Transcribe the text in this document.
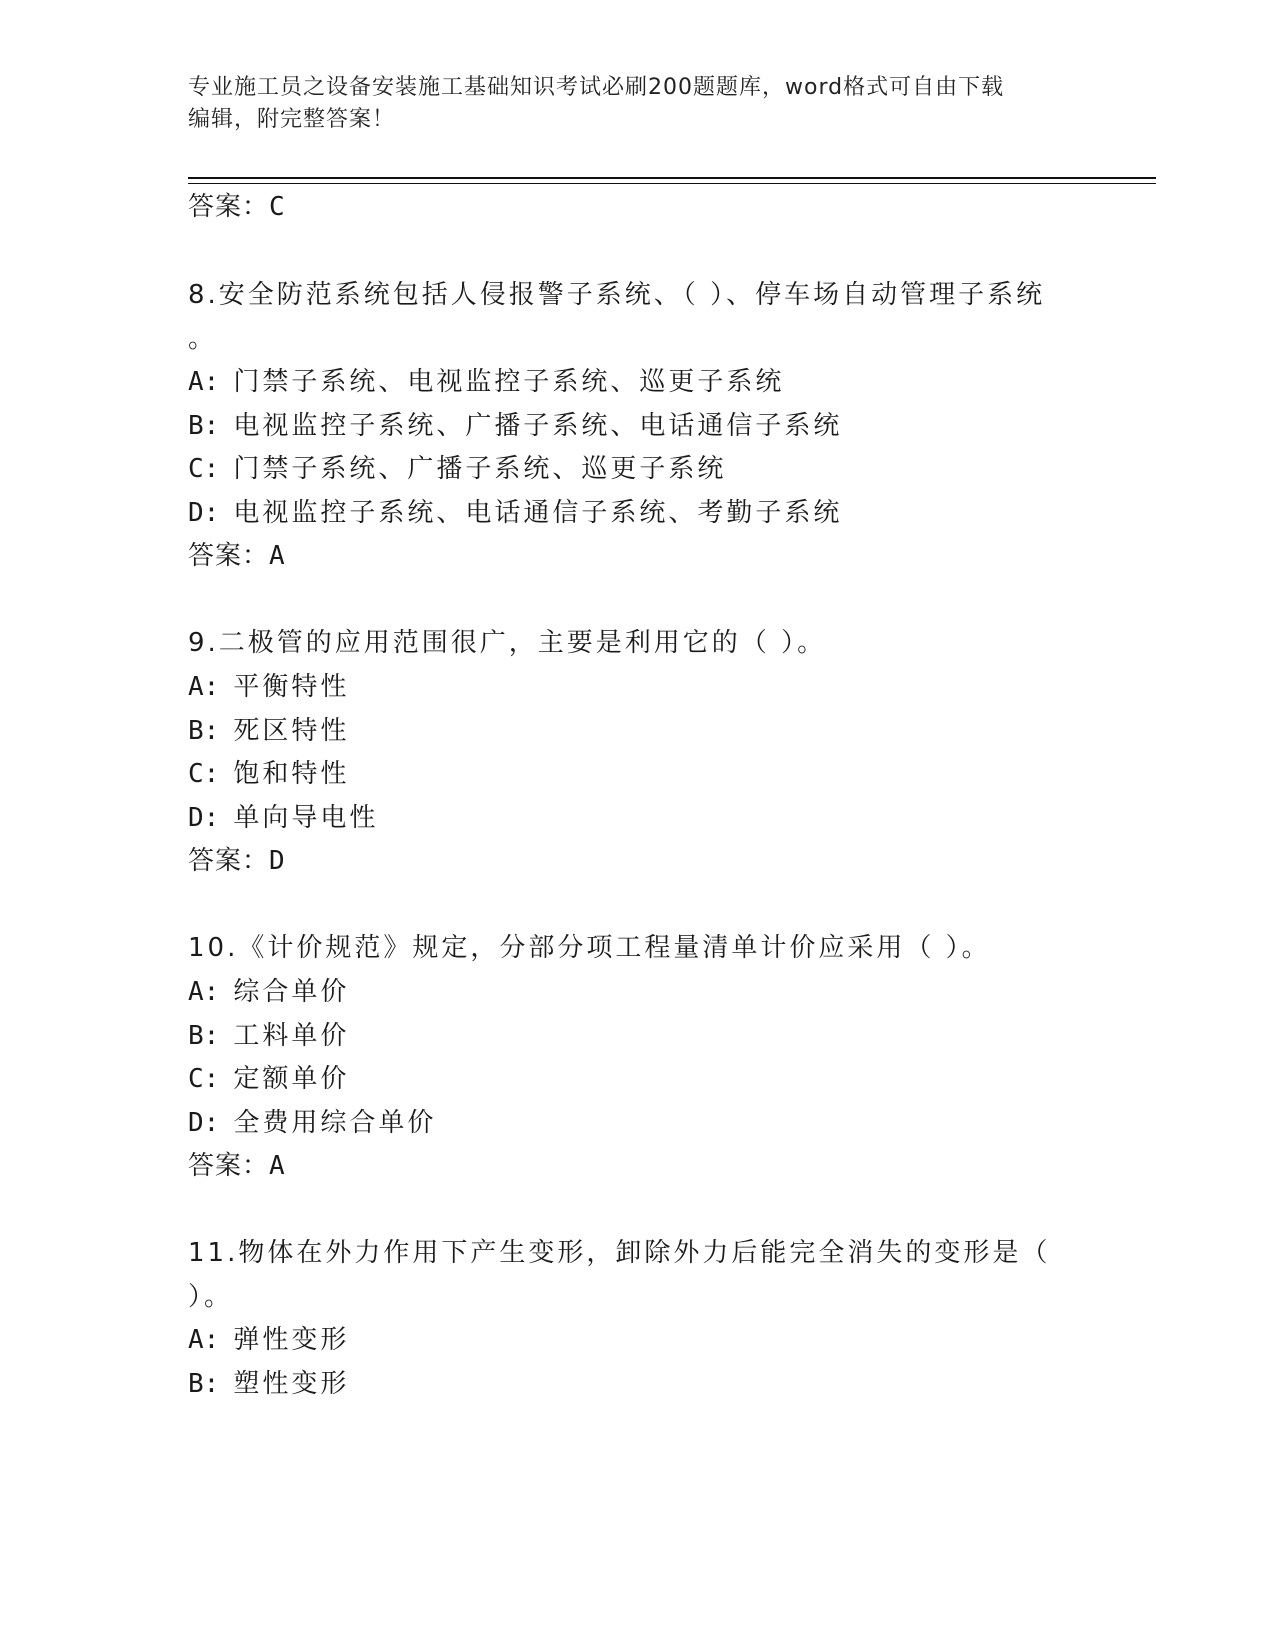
专业施工员之设备安装施工基础知识考试必刷200题题库，word格式可自由下载
编辑，附完整答案！
答案：C
8.安全防范系统包括人侵报警子系统、（ ）、停车场自动管理子系统
。
A: 门禁子系统、电视监控子系统、巡更子系统
B: 电视监控子系统、广播子系统、电话通信子系统
C: 门禁子系统、广播子系统、巡更子系统
D: 电视监控子系统、电话通信子系统、考勤子系统
答案：A
9.二极管的应用范围很广，主要是利用它的（ ）。
A: 平衡特性
B: 死区特性
C: 饱和特性
D: 单向导电性
答案：D
10.《计价规范》规定，分部分项工程量清单计价应采用（ ）。
A: 综合单价
B: 工料单价
C: 定额单价
D: 全费用综合单价
答案：A
11.物体在外力作用下产生变形，卸除外力后能完全消失的变形是（
）。
A: 弹性变形
B: 塑性变形
